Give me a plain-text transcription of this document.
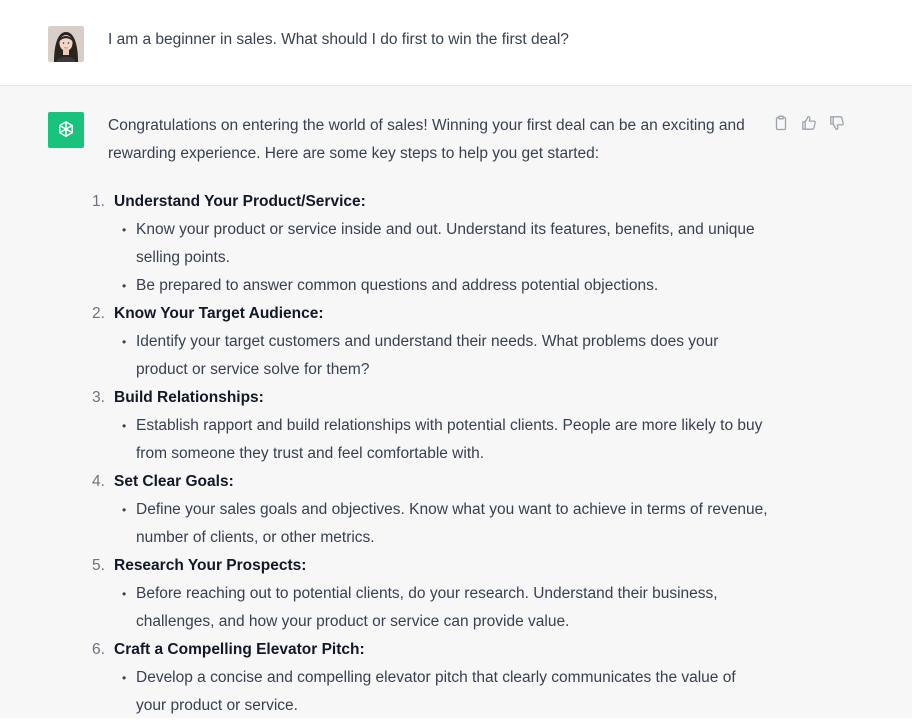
I am a beginner in sales. What should I do first to win the first deal?

Congratulations on entering the world of sales! Winning your first deal can be an exciting and rewarding experience. Here are some key steps to help you get started:

1. Understand Your Product/Service:
• Know your product or service inside and out. Understand its features, benefits, and unique selling points.
• Be prepared to answer common questions and address potential objections.
2. Know Your Target Audience:
• Identify your target customers and understand their needs. What problems does your product or service solve for them?
3. Build Relationships:
• Establish rapport and build relationships with potential clients. People are more likely to buy from someone they trust and feel comfortable with.
4. Set Clear Goals:
• Define your sales goals and objectives. Know what you want to achieve in terms of revenue, number of clients, or other metrics.
5. Research Your Prospects:
• Before reaching out to potential clients, do your research. Understand their business, challenges, and how your product or service can provide value.
6. Craft a Compelling Elevator Pitch:
• Develop a concise and compelling elevator pitch that clearly communicates the value of your product or service.
